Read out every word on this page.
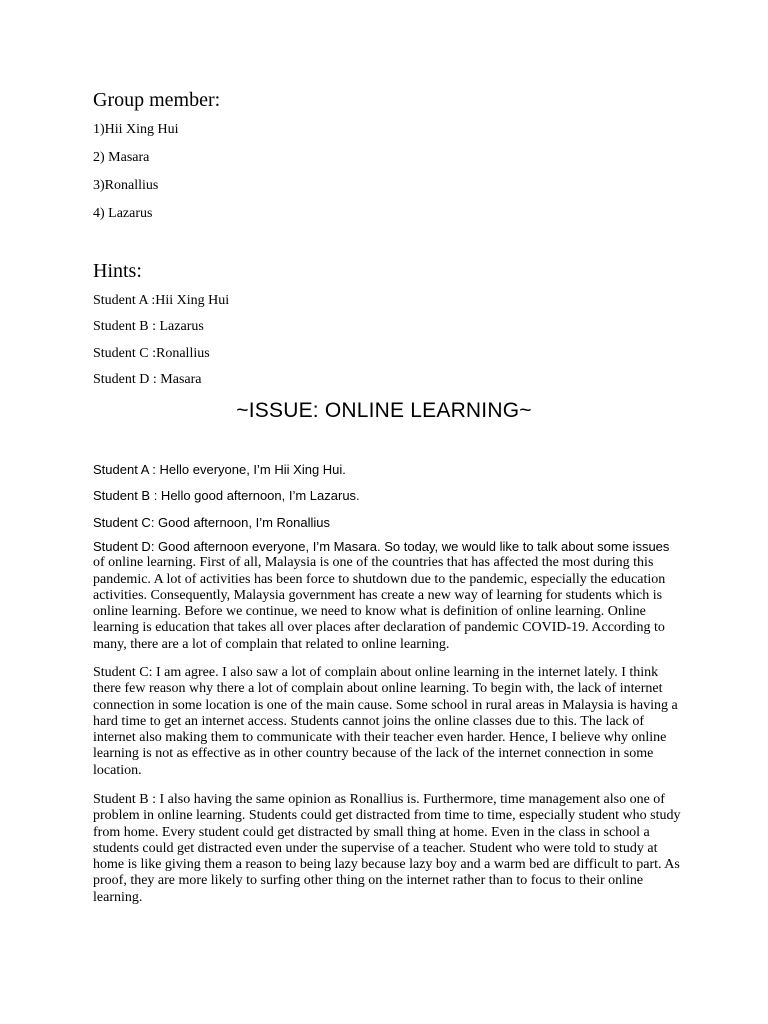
Group member:
1)Hii Xing Hui
2) Masara
3)Ronallius
4) Lazarus
Hints:
Student A :Hii Xing Hui
Student B : Lazarus
Student C :Ronallius
Student D : Masara
~ISSUE: ONLINE LEARNING~
Student A : Hello everyone, I’m Hii Xing Hui.
Student B : Hello good afternoon, I’m Lazarus.
Student C: Good afternoon, I’m Ronallius
Student D: Good afternoon everyone, I’m Masara. So today, we would like to talk about some issues
of online learning. First of all, Malaysia is one of the countries that has affected the most during this pandemic. A lot of activities has been force to shutdown due to the pandemic, especially the education activities. Consequently, Malaysia government has create a new way of learning for students which is online learning. Before we continue, we need to know what is definition of online learning. Online learning is education that takes all over places after declaration of pandemic COVID-19. According to many, there are a lot of complain that related to online learning.
Student C: I am agree. I also saw a lot of complain about online learning in the internet lately. I think there few reason why there a lot of complain about online learning. To begin with, the lack of internet connection in some location is one of the main cause. Some school in rural areas in Malaysia is having a hard time to get an internet access. Students cannot joins the online classes due to this. The lack of internet also making them to communicate with their teacher even harder. Hence, I believe why online learning is not as effective as in other country because of the lack of the internet connection in some location.
Student B : I also having the same opinion as Ronallius is. Furthermore, time management also one of problem in online learning. Students could get distracted from time to time, especially student who study from home. Every student could get distracted by small thing at home. Even in the class in school a students could get distracted even under the supervise of a teacher. Student who were told to study at home is like giving them a reason to being lazy because lazy boy and a warm bed are difficult to part. As proof, they are more likely to surfing other thing on the internet rather than to focus to their online learning.
